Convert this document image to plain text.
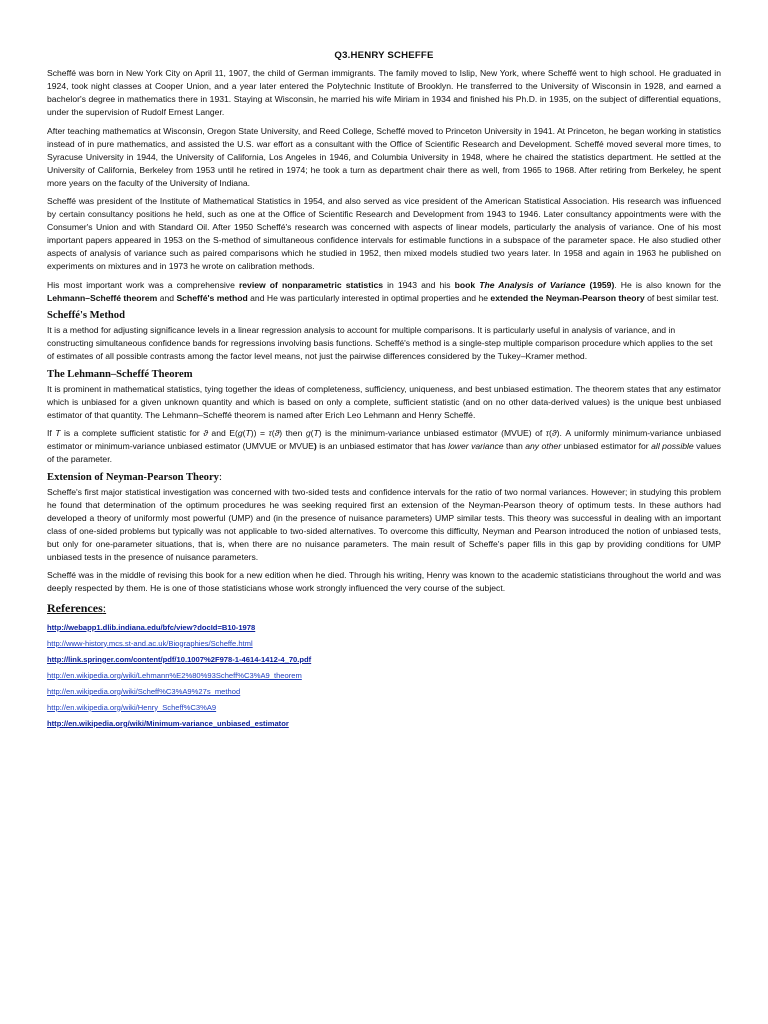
Q3.HENRY SCHEFFE

Scheffé was born in New York City on April 11, 1907, the child of German immigrants. The family moved to Islip, New York, where Scheffé went to high school. He graduated in 1924, took night classes at Cooper Union, and a year later entered the Polytechnic Institute of Brooklyn. He transferred to the University of Wisconsin in 1928, and earned a bachelor's degree in mathematics there in 1931. Staying at Wisconsin, he married his wife Miriam in 1934 and finished his Ph.D. in 1935, on the subject of differential equations, under the supervision of Rudolf Ernest Langer.

After teaching mathematics at Wisconsin, Oregon State University, and Reed College, Scheffé moved to Princeton University in 1941. At Princeton, he began working in statistics instead of in pure mathematics, and assisted the U.S. war effort as a consultant with the Office of Scientific Research and Development. Scheffé moved several more times, to Syracuse University in 1944, the University of California, Los Angeles in 1946, and Columbia University in 1948, where he chaired the statistics department. He settled at the University of California, Berkeley from 1953 until he retired in 1974; he took a turn as department chair there as well, from 1965 to 1968. After retiring from Berkeley, he spent more years on the faculty of the University of Indiana.

Scheffé was president of the Institute of Mathematical Statistics in 1954, and also served as vice president of the American Statistical Association. His research was influenced by certain consultancy positions he held, such as one at the Office of Scientific Research and Development from 1943 to 1946. Later consultancy appointments were with the Consumer's Union and with Standard Oil. After 1950 Scheffé's research was concerned with aspects of linear models, particularly the analysis of variance. One of his most important papers appeared in 1953 on the S-method of simultaneous confidence intervals for estimable functions in a subspace of the parameter space. He also studied other aspects of analysis of variance such as paired comparisons which he studied in 1952, then mixed models studied two years later. In 1958 and again in 1963 he published on experiments on mixtures and in 1973 he wrote on calibration methods.

His most important work was a comprehensive review of nonparametric statistics in 1943 and his book The Analysis of Variance (1959). He is also known for the Lehmann–Scheffé theorem and Scheffé's method and He was particularly interested in optimal properties and he extended the Neyman-Pearson theory of best similar test.

Scheffé's Method

It is a method for adjusting significance levels in a linear regression analysis to account for multiple comparisons. It is particularly useful in analysis of variance, and in constructing simultaneous confidence bands for regressions involving basis functions. Scheffé's method is a single-step multiple comparison procedure which applies to the set of estimates of all possible contrasts among the factor level means, not just the pairwise differences considered by the Tukey–Kramer method.

The Lehmann–Scheffé Theorem

It is prominent in mathematical statistics, tying together the ideas of completeness, sufficiency, uniqueness, and best unbiased estimation. The theorem states that any estimator which is unbiased for a given unknown quantity and which is based on only a complete, sufficient statistic (and on no other data-derived values) is the unique best unbiased estimator of that quantity. The Lehmann–Scheffé theorem is named after Erich Leo Lehmann and Henry Scheffé.

If T is a complete sufficient statistic for ϑ and E(g(T)) = τ(ϑ) then g(T) is the minimum-variance unbiased estimator (MVUE) of τ(ϑ). A uniformly minimum-variance unbiased estimator or minimum-variance unbiased estimator (UMVUE or MVUE) is an unbiased estimator that has lower variance than any other unbiased estimator for all possible values of the parameter.

Extension of Neyman-Pearson Theory:

Scheffe's first major statistical investigation was concerned with two-sided tests and confidence intervals for the ratio of two normal variances. However; in studying this problem he found that determination of the optimum procedures he was seeking required first an extension of the Neyman-Pearson theory of optimum tests. In these authors had developed a theory of uniformly most powerful (UMP) and (in the presence of nuisance parameters) UMP similar tests. This theory was successful in dealing with an important class of one-sided problems but typically was not applicable to two-sided alternatives. To overcome this difficulty, Neyman and Pearson introduced the notion of unbiased tests, but only for one-parameter situations, that is, when there are no nuisance parameters. The main result of Scheffe's paper fills in this gap by providing conditions for UMP unbiased tests in the presence of nuisance parameters.

Scheffé was in the middle of revising this book for a new edition when he died. Through his writing, Henry was known to the academic statisticians throughout the world and was deeply respected by them. He is one of those statisticians whose work strongly influenced the very course of the subject.

References:
http://webapp1.dlib.indiana.edu/bfc/view?docId=B10-1978
http://www-history.mcs.st-and.ac.uk/Biographies/Scheffe.html
http://link.springer.com/content/pdf/10.1007%2F978-1-4614-1412-4_70.pdf
http://en.wikipedia.org/wiki/Lehmann%E2%80%93Scheff%C3%A9_theorem
http://en.wikipedia.org/wiki/Scheff%C3%A9%27s_method
http://en.wikipedia.org/wiki/Henry_Scheff%C3%A9
http://en.wikipedia.org/wiki/Minimum-variance_unbiased_estimator
